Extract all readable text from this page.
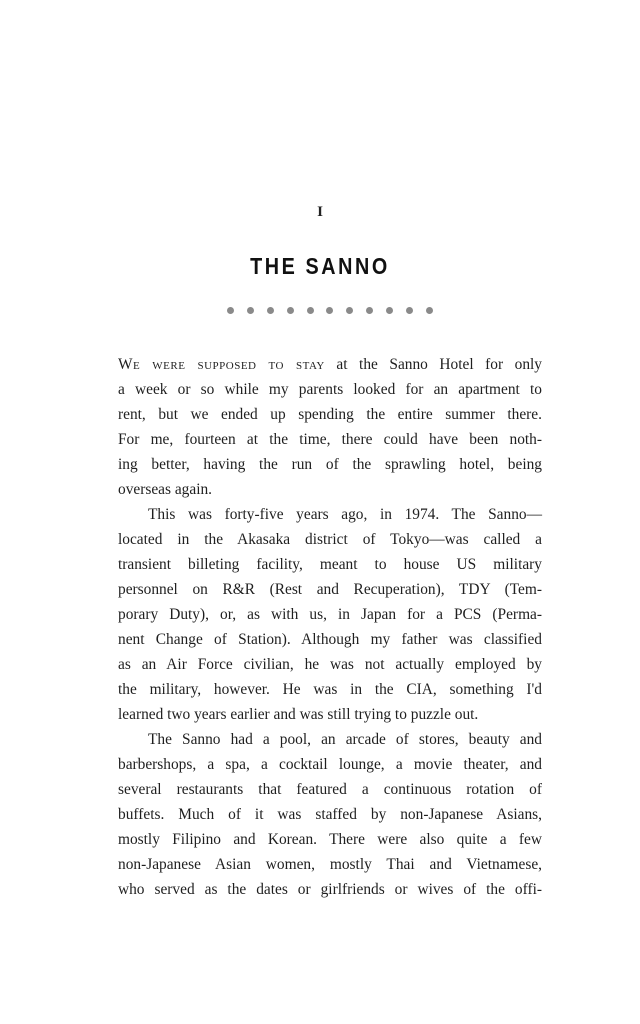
I
THE SANNO
We were supposed to stay at the Sanno Hotel for only
a week or so while my parents looked for an apartment to
rent, but we ended up spending the entire summer there.
For me, fourteen at the time, there could have been noth-
ing better, having the run of the sprawling hotel, being
overseas again.
This was forty-five years ago, in 1974. The Sanno—
located in the Akasaka district of Tokyo—was called a
transient billeting facility, meant to house US military
personnel on R&R (Rest and Recuperation), TDY (Tem-
porary Duty), or, as with us, in Japan for a PCS (Perma-
nent Change of Station). Although my father was classified
as an Air Force civilian, he was not actually employed by
the military, however. He was in the CIA, something I'd
learned two years earlier and was still trying to puzzle out.
The Sanno had a pool, an arcade of stores, beauty and
barbershops, a spa, a cocktail lounge, a movie theater, and
several restaurants that featured a continuous rotation of
buffets. Much of it was staffed by non-Japanese Asians,
mostly Filipino and Korean. There were also quite a few
non-Japanese Asian women, mostly Thai and Vietnamese,
who served as the dates or girlfriends or wives of the offi-
